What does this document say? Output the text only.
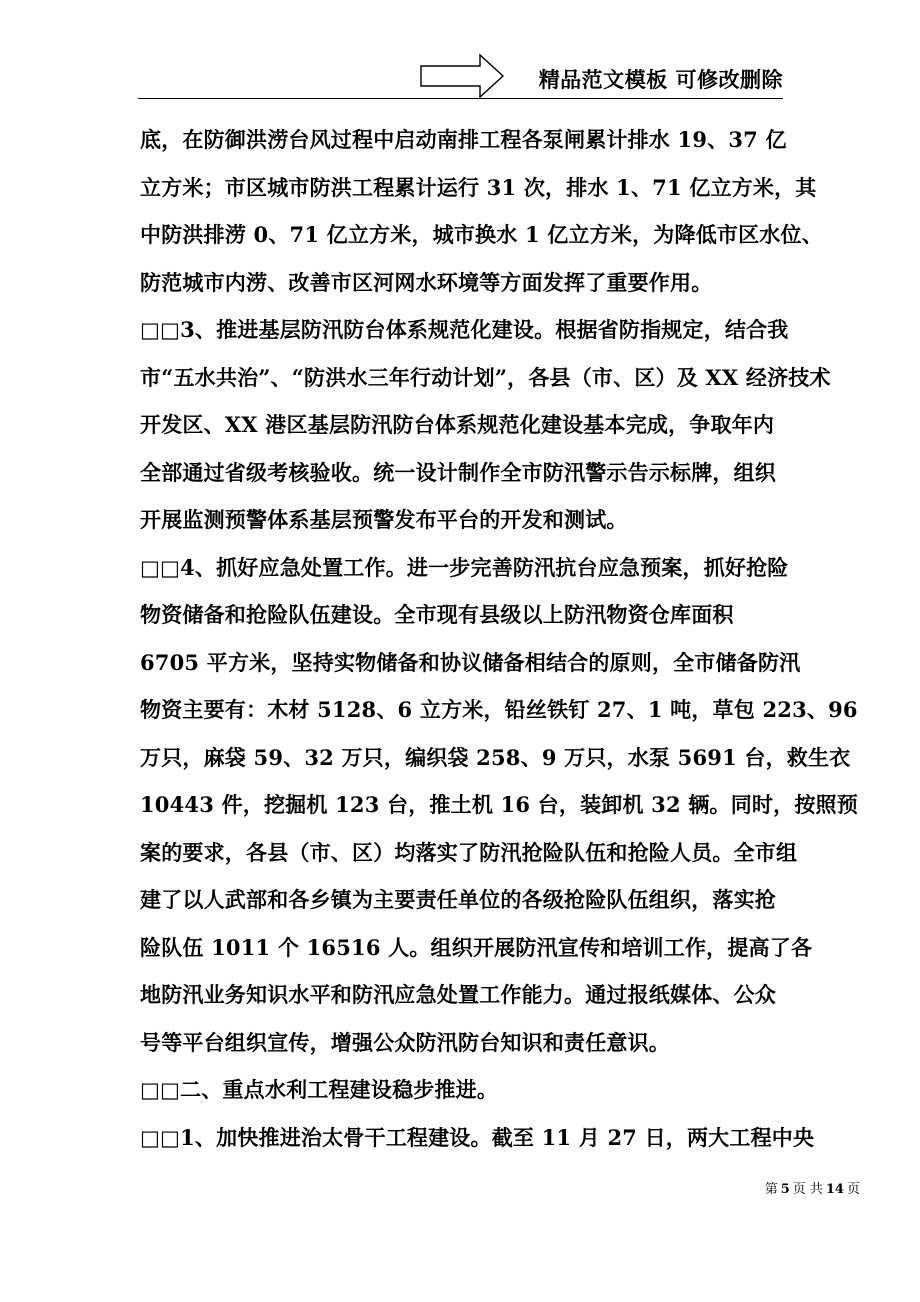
精品范文模板 可修改删除
底，在防御洪涝台风过程中启动南排工程各泵闸累计排水 19、37 亿
立方米；市区城市防洪工程累计运行 31 次，排水 1、71 亿立方米，其
中防洪排涝 0、71 亿立方米，城市换水 1 亿立方米，为降低市区水位、
防范城市内涝、改善市区河网水环境等方面发挥了重要作用。
□□3、推进基层防汛防台体系规范化建设。根据省防指规定，结合我
市“五水共治”、“防洪水三年行动计划”，各县（市、区）及 XX 经济技术
开发区、XX 港区基层防汛防台体系规范化建设基本完成，争取年内
全部通过省级考核验收。统一设计制作全市防汛警示告示标牌，组织
开展监测预警体系基层预警发布平台的开发和测试。
□□4、抓好应急处置工作。进一步完善防汛抗台应急预案，抓好抢险
物资储备和抢险队伍建设。全市现有县级以上防汛物资仓库面积
6705 平方米，坚持实物储备和协议储备相结合的原则，全市储备防汛
物资主要有：木材 5128、6 立方米，铅丝铁钉 27、1 吨，草包 223、96
万只，麻袋 59、32 万只，编织袋 258、9 万只，水泵 5691 台，救生衣
10443 件，挖掘机 123 台，推土机 16 台，装卸机 32 辆。同时，按照预
案的要求，各县（市、区）均落实了防汛抢险队伍和抢险人员。全市组
建了以人武部和各乡镇为主要责任单位的各级抢险队伍组织，落实抢
险队伍 1011 个 16516 人。组织开展防汛宣传和培训工作，提高了各
地防汛业务知识水平和防汛应急处置工作能力。通过报纸媒体、公众
号等平台组织宣传，增强公众防汛防台知识和责任意识。
□□二、重点水利工程建设稳步推进。
□□1、加快推进治太骨干工程建设。截至 11 月 27 日，两大工程中央
第 5 页 共 14 页
